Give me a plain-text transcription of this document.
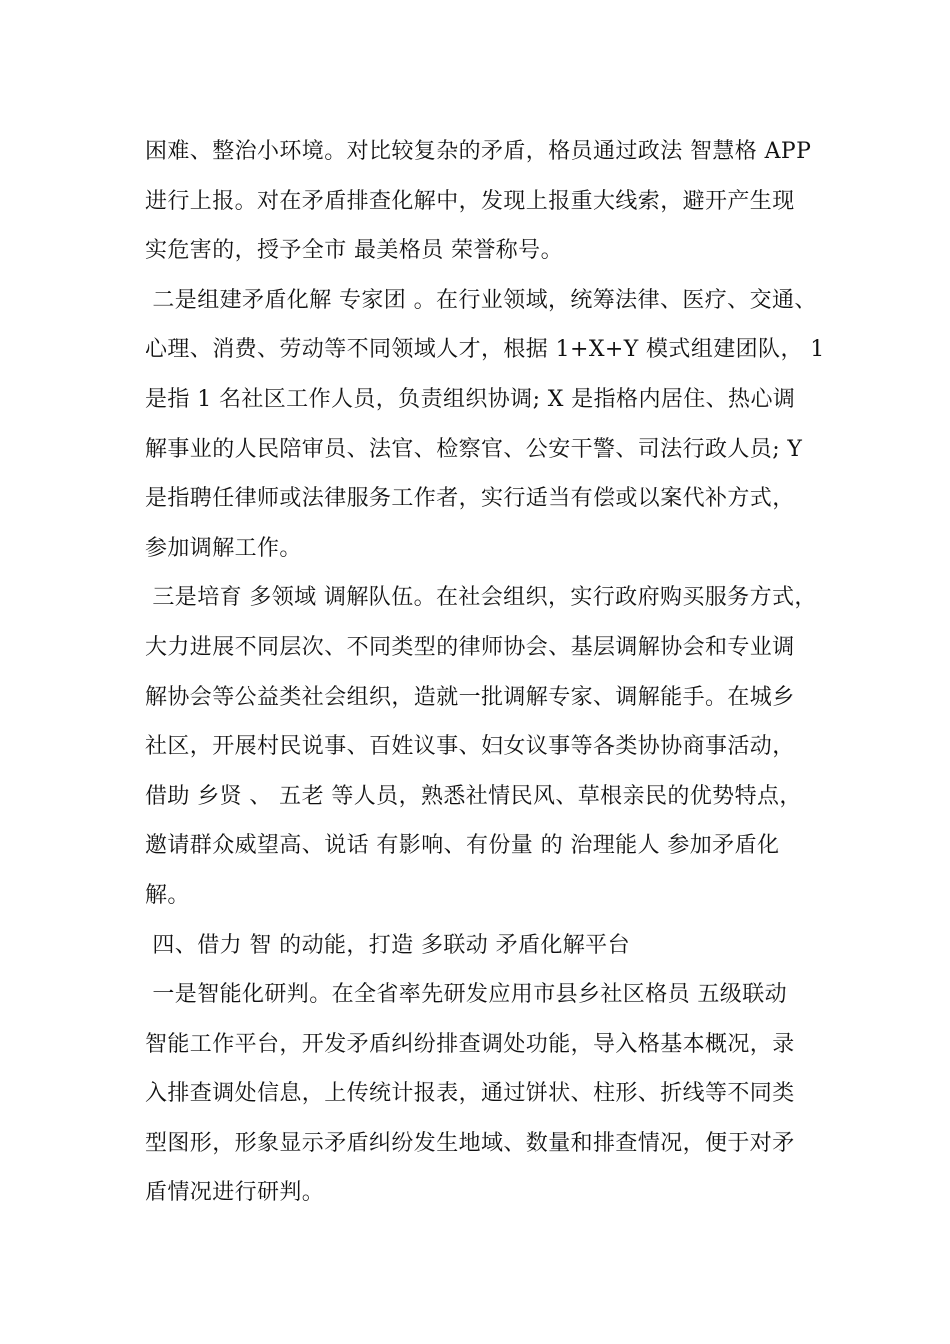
困难、整治小环境。对比较复杂的矛盾，格员通过政法 智慧格 APP
进行上报。对在矛盾排查化解中，发现上报重大线索，避开产生现
实危害的，授予全市 最美格员 荣誉称号。
二是组建矛盾化解 专家团 。在行业领域，统筹法律、医疗、交通、
心理、消费、劳动等不同领域人才，根据 1+X+Y 模式组建团队， 1
是指 1 名社区工作人员，负责组织协调; X 是指格内居住、热心调
解事业的人民陪审员、法官、检察官、公安干警、司法行政人员; Y
是指聘任律师或法律服务工作者，实行适当有偿或以案代补方式，
参加调解工作。
三是培育 多领域 调解队伍。在社会组织，实行政府购买服务方式，
大力进展不同层次、不同类型的律师协会、基层调解协会和专业调
解协会等公益类社会组织，造就一批调解专家、调解能手。在城乡
社区，开展村民说事、百姓议事、妇女议事等各类协协商事活动，
借助 乡贤 、 五老 等人员，熟悉社情民风、草根亲民的优势特点，
邀请群众威望高、说话 有影响、有份量 的 治理能人 参加矛盾化
解。
四、借力 智 的动能，打造 多联动 矛盾化解平台
一是智能化研判。在全省率先研发应用市县乡社区格员 五级联动
智能工作平台，开发矛盾纠纷排查调处功能，导入格基本概况，录
入排查调处信息，上传统计报表，通过饼状、柱形、折线等不同类
型图形，形象显示矛盾纠纷发生地域、数量和排查情况，便于对矛
盾情况进行研判。
